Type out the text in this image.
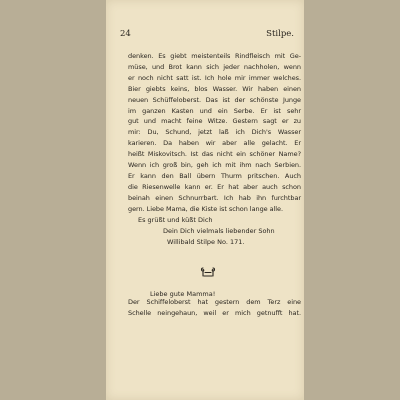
24	Stilpe.
denken. Es giebt meistenteils Rindfleisch mit Ge-
müse, und Brot kann sich jeder nachholen, wenn
er noch nicht satt ist. Ich hole mir immer welches.
Bier giebts keins, blos Wasser. Wir haben einen
neuen Schüffeloberst. Das ist der schönste Junge
im ganzen Kasten und ein Serbe. Er ist sehr
gut und macht feine Witze. Gestern sagt er zu
mir: Du, Schund, jetzt laß ich Dich's Wasser
karieren. Da haben wir aber alle gelacht. Er
heißt Miskovitsch. Ist das nicht ein schöner Name?
Wenn ich groß bin, geh ich mit ihm nach Serbien.
Er kann den Ball übern Thurm pritschen. Auch
die Riesenwelle kann er. Er hat aber auch schon
beinah einen Schnurrbart. Ich hab ihn furchtbar
gern. Liebe Mama, die Kiste ist schon lange alle.
Es grüßt und küßt Dich
Dein Dich vielmals liebender Sohn
Willibald Stilpe No. 171.
Liebe gute Mamma!
Der Schiffeloberst hat gestern dem Terz eine
Schelle neingehaun, weil er mich getnufft hat.
